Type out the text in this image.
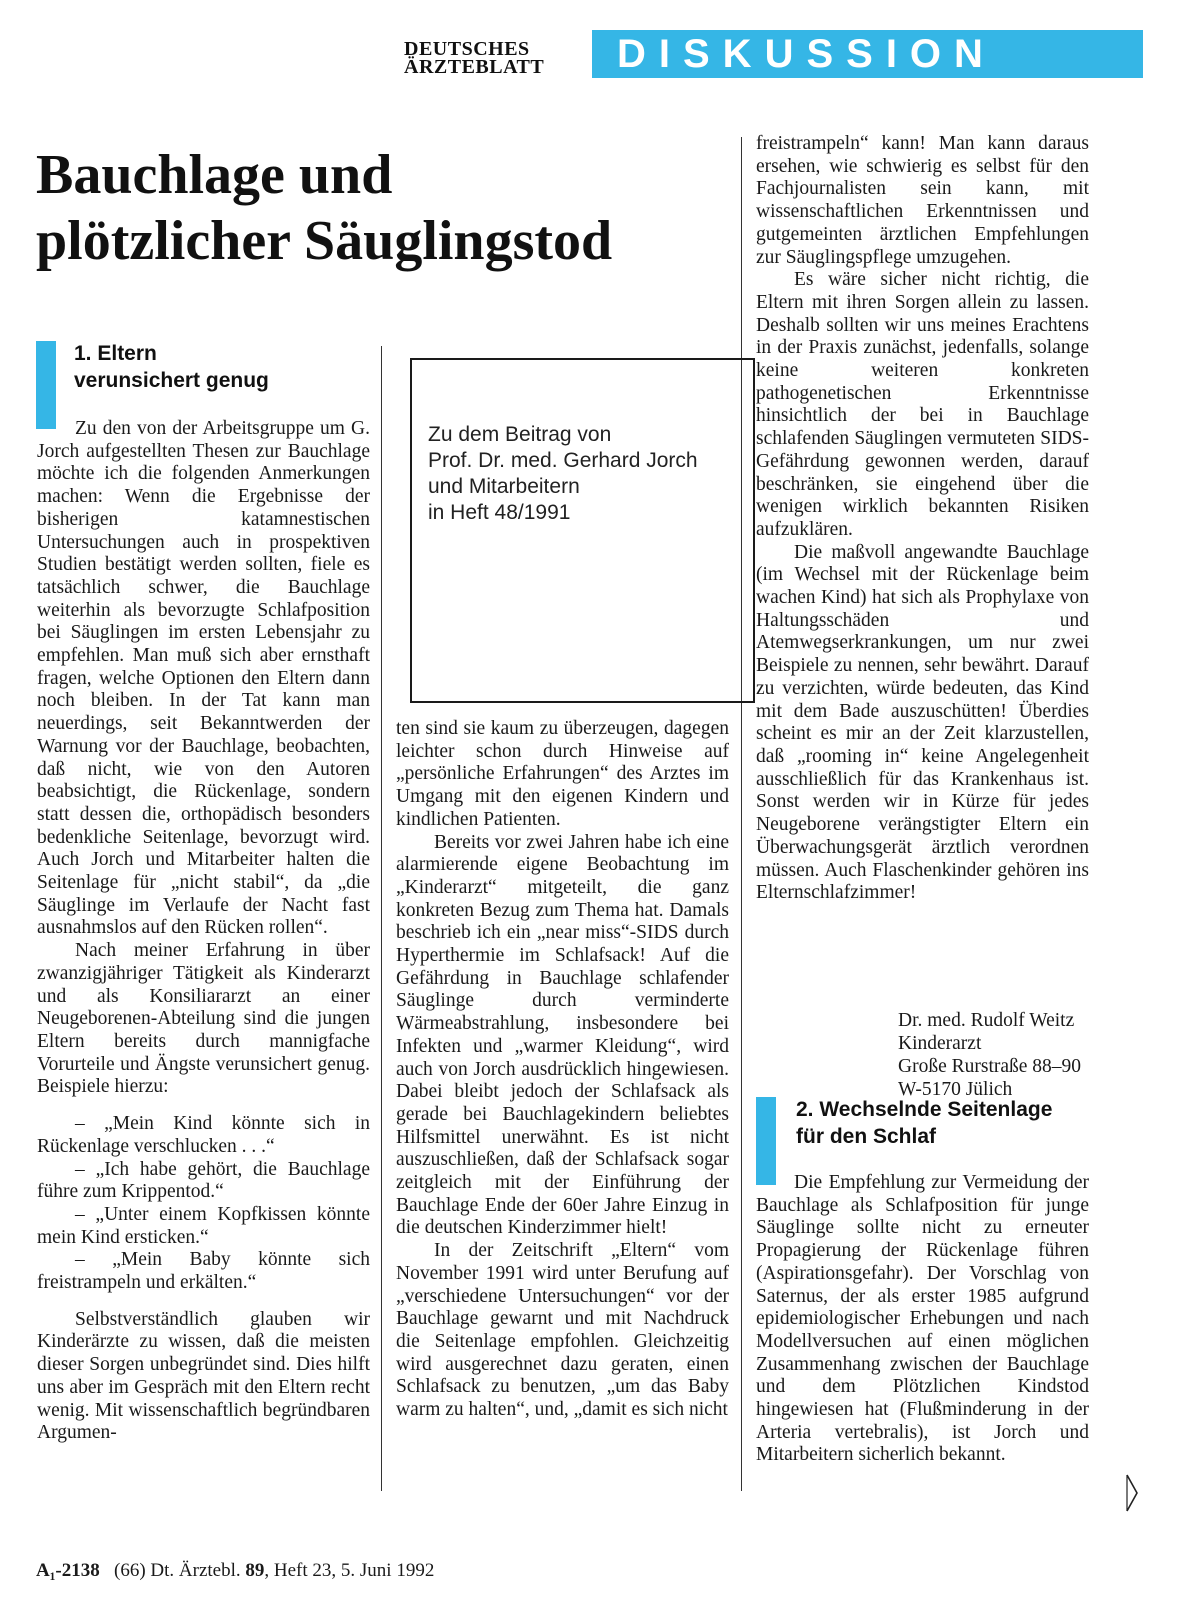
DEUTSCHES
ÄRZTEBLATT	DISKUSSION
Bauchlage und
plötzlicher Säuglingstod
1. Eltern
verunsichert genug

Zu den von der Arbeitsgruppe um G. Jorch aufgestellten Thesen zur Bauchlage möchte ich die folgenden Anmerkungen machen: Wenn die Ergebnisse der bisherigen katamnestischen Untersuchungen auch in prospektiven Studien bestätigt werden sollten, fiele es tatsächlich schwer, die Bauchlage weiterhin als bevorzugte Schlafposition bei Säuglingen im ersten Lebensjahr zu empfehlen. Man muß sich aber ernsthaft fragen, welche Optionen den Eltern dann noch bleiben. In der Tat kann man neuerdings, seit Bekanntwerden der Warnung vor der Bauchlage, beobachten, daß nicht, wie von den Autoren beabsichtigt, die Rückenlage, sondern statt dessen die, orthopädisch besonders bedenkliche Seitenlage, bevorzugt wird. Auch Jorch und Mitarbeiter halten die Seitenlage für „nicht stabil“, da „die Säuglinge im Verlaufe der Nacht fast ausnahmslos auf den Rücken rollen“.

Nach meiner Erfahrung in über zwanzigjähriger Tätigkeit als Kinderarzt und als Konsiliararzt an einer Neugeborenen-Abteilung sind die jungen Eltern bereits durch mannigfache Vorurteile und Ängste verunsichert genug. Beispiele hierzu:

– „Mein Kind könnte sich in Rückenlage verschlucken . . .“

– „Ich habe gehört, die Bauchlage führe zum Krippentod.“

– „Unter einem Kopfkissen könnte mein Kind ersticken.“

– „Mein Baby könnte sich freistrampeln und erkälten.“

Selbstverständlich glauben wir Kinderärzte zu wissen, daß die meisten dieser Sorgen unbegründet sind. Dies hilft uns aber im Gespräch mit den Eltern recht wenig. Mit wissenschaftlich begründbaren Argumen-

Zu dem Beitrag von
Prof. Dr. med. Gerhard Jorch
und Mitarbeitern
in Heft 48/1991

ten sind sie kaum zu überzeugen, dagegen leichter schon durch Hinweise auf „persönliche Erfahrungen“ des Arztes im Umgang mit den eigenen Kindern und kindlichen Patienten.

Bereits vor zwei Jahren habe ich eine alarmierende eigene Beobachtung im „Kinderarzt“ mitgeteilt, die ganz konkreten Bezug zum Thema hat. Damals beschrieb ich ein „near miss“-SIDS durch Hyperthermie im Schlafsack! Auf die Gefährdung in Bauchlage schlafender Säuglinge durch verminderte Wärmeabstrahlung, insbesondere bei Infekten und „warmer Kleidung“, wird auch von Jorch ausdrücklich hingewiesen. Dabei bleibt jedoch der Schlafsack als gerade bei Bauchlagekindern beliebtes Hilfsmittel unerwähnt. Es ist nicht auszuschließen, daß der Schlafsack sogar zeitgleich mit der Einführung der Bauchlage Ende der 60er Jahre Einzug in die deutschen Kinderzimmer hielt!

In der Zeitschrift „Eltern“ vom November 1991 wird unter Berufung auf „verschiedene Untersuchungen“ vor der Bauchlage gewarnt und mit Nachdruck die Seitenlage empfohlen. Gleichzeitig wird ausgerechnet dazu geraten, einen Schlafsack zu benutzen, „um das Baby warm zu halten“, und, „damit es sich nicht

freistrampeln“ kann! Man kann daraus ersehen, wie schwierig es selbst für den Fachjournalisten sein kann, mit wissenschaftlichen Erkenntnissen und gutgemeinten ärztlichen Empfehlungen zur Säuglingspflege umzugehen.

Es wäre sicher nicht richtig, die Eltern mit ihren Sorgen allein zu lassen. Deshalb sollten wir uns meines Erachtens in der Praxis zunächst, jedenfalls, solange keine weiteren konkreten pathogenetischen Erkenntnisse hinsichtlich der bei in Bauchlage schlafenden Säuglingen vermuteten SIDS-Gefährdung gewonnen werden, darauf beschränken, sie eingehend über die wenigen wirklich bekannten Risiken aufzuklären.

Die maßvoll angewandte Bauchlage (im Wechsel mit der Rückenlage beim wachen Kind) hat sich als Prophylaxe von Haltungsschäden und Atemwegserkrankungen, um nur zwei Beispiele zu nennen, sehr bewährt. Darauf zu verzichten, würde bedeuten, das Kind mit dem Bade auszuschütten! Überdies scheint es mir an der Zeit klarzustellen, daß „rooming in“ keine Angelegenheit ausschließlich für das Krankenhaus ist. Sonst werden wir in Kürze für jedes Neugeborene verängstigter Eltern ein Überwachungsgerät ärztlich verordnen müssen. Auch Flaschenkinder gehören ins Elternschlafzimmer!

Dr. med. Rudolf Weitz
Kinderarzt
Große Rurstraße 88–90
W-5170 Jülich
2. Wechselnde Seitenlage
für den Schlaf

Die Empfehlung zur Vermeidung der Bauchlage als Schlafposition für junge Säuglinge sollte nicht zu erneuter Propagierung der Rückenlage führen (Aspirationsgefahr). Der Vorschlag von Saternus, der als erster 1985 aufgrund epidemiologischer Erhebungen und nach Modellversuchen auf einen möglichen Zusammenhang zwischen der Bauchlage und dem Plötzlichen Kindstod hingewiesen hat (Flußminderung in der Arteria vertebralis), ist Jorch und Mitarbeitern sicherlich bekannt.

A₁-2138 (66) Dt. Ärztebl. 89, Heft 23, 5. Juni 1992
